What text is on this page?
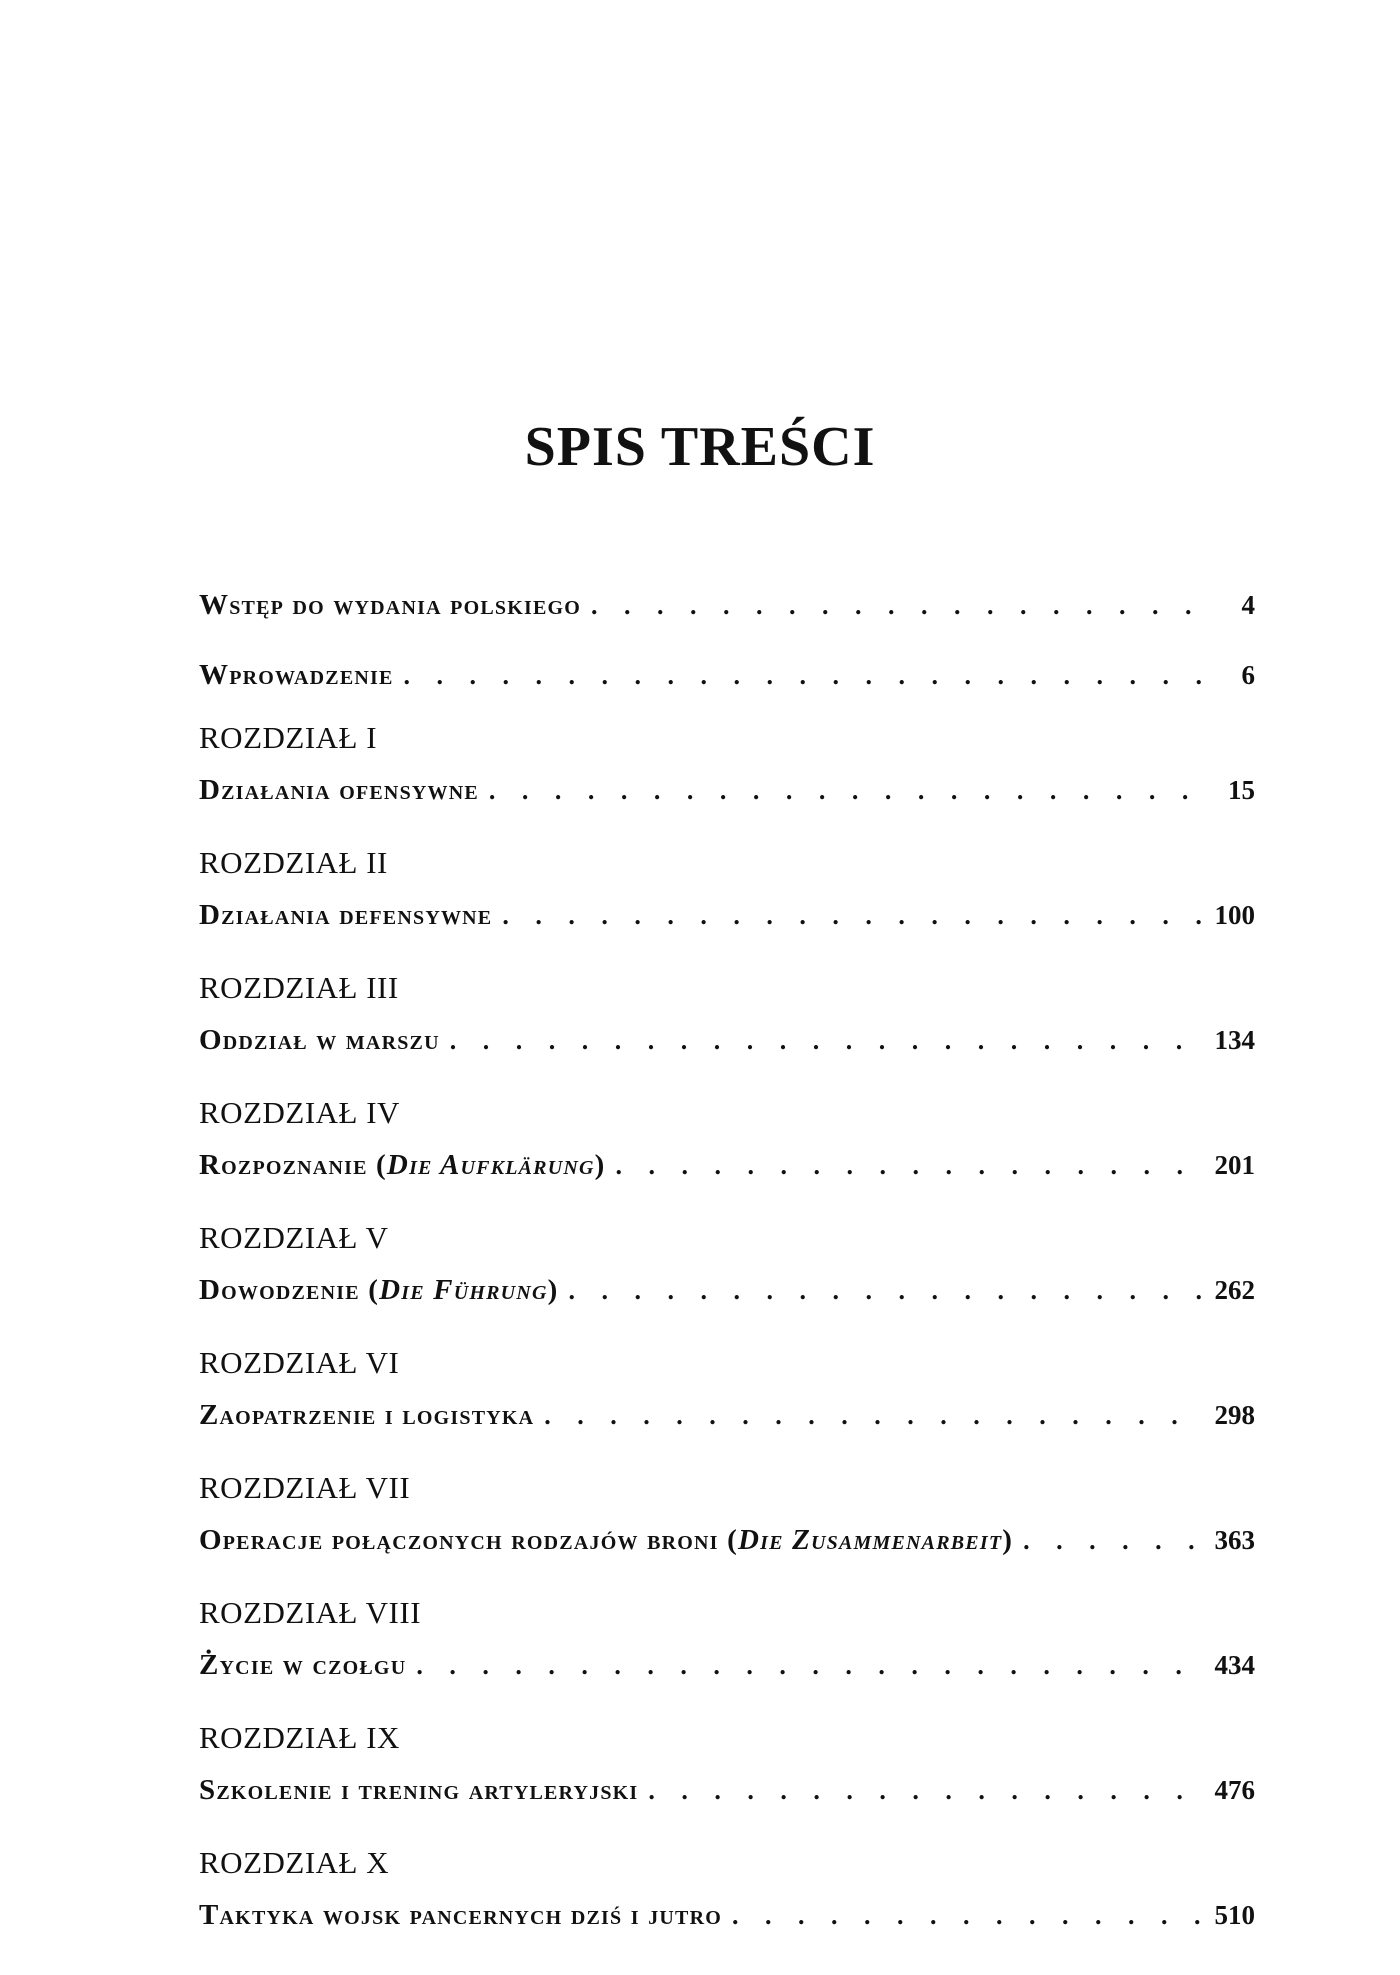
SPIS TREŚCI
Wstęp do wydania polskiego . . .	4
Wprowadzenie . . .	6
ROZDZIAŁ I
Działania ofensywne . . .	15
ROZDZIAŁ II
Działania defensywne . . .	100
ROZDZIAŁ III
Oddział w marszu . . .	134
ROZDZIAŁ IV
Rozpoznanie (Die Aufklärung) . . .	201
ROZDZIAŁ V
Dowodzenie (Die Führung) . . .	262
ROZDZIAŁ VI
Zaopatrzenie i logistyka . . .	298
ROZDZIAŁ VII
Operacje połączonych rodzajów broni (Die Zusammenarbeit) . . .	363
ROZDZIAŁ VIII
Życie w czołgu . . .	434
ROZDZIAŁ IX
Szkolenie i trening artyleryjski . . .	476
ROZDZIAŁ X
Taktyka wojsk pancernych dziś i jutro . . .	510
